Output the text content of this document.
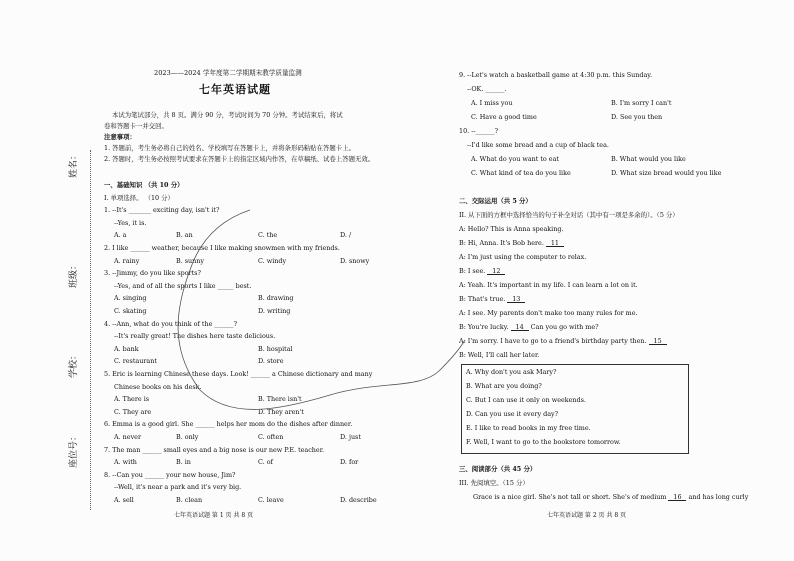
姓名：
班级：
学校：
座位号：
2023——2024 学年度第二学期期末教学质量监测
七年英语试题
本试为笔试部分，共 8 页。满分 90 分，考试时间为 70 分钟。考试结束后，将试
卷和答题卡一并交回。
注意事项：
1. 答题前，考生务必将自己的姓名、学校填写在答题卡上，并将条形码粘贴在答题卡上。
2. 答题时，考生务必按照考试要求在答题卡上的指定区域内作答，在草稿纸、试卷上答题无效。
一、基础知识 （共 10 分）
I. 单项选择。 （10 分）
1. --It's _______ exciting day, isn't it?
--Yes, it is.
A. a	B. an	C. the	D. /
2. I like ______ weather, because I like making snowmen with my friends.
A. rainy	B. sunny	C. windy	D. snowy
3. --Jimmy, do you like sports?
--Yes, and of all the sports I like _____ best.
A. singing	B. drawing
C. skating	D. writing
4. --Ann, what do you think of the ______?
--It's really great! The dishes here taste delicious.
A. bank	B. hospital
C. restaurant	D. store
5. Eric is learning Chinese these days. Look! ______ a Chinese dictionary and many
Chinese books on his desk.
A. There is	B. There isn't
C. They are	D. They aren't
6. Emma is a good girl. She ______ helps her mom do the dishes after dinner.
A. never	B. only	C. often	D. just
7. The man ______ small eyes and a big nose is our new P.E. teacher.
A. with	B. in	C. of	D. for
8. --Can you ______ your new house, Jim?
--Well, it's near a park and it's very big.
A. sell	B. clean	C. leave	D. describe
七年英语试题 第 1 页 共 8 页
9. --Let's watch a basketball game at 4:30 p.m. this Sunday.
--OK. ______.
A. I miss you	B. I'm sorry I can't
C. Have a good time	D. See you then
10. --______?
--I'd like some bread and a cup of black tea.
A. What do you want to eat	B. What would you like
C. What kind of tea do you like	D. What size bread would you like
二、交际运用（共 5 分）
II. 从下面的方框中选择恰当的句子补全对话（其中有一项是多余的）。（5 分）
A: Hello? This is Anna speaking.
B: Hi, Anna. It's Bob here. 11
A: I'm just using the computer to relax.
B: I see. 12
A: Yeah. It's important in my life. I can learn a lot on it.
B: That's true. 13
A: I see. My parents don't make too many rules for me.
B: You're lucky. 14 Can you go with me?
A: I'm sorry. I have to go to a friend's birthday party then. 15
B: Well, I'll call her later.
A. Why don't you ask Mary?
B. What are you doing?
C. But I can use it only on weekends.
D. Can you use it every day?
E. I like to read books in my free time.
F. Well, I want to go to the bookstore tomorrow.
三、阅读部分（共 45 分）
III. 先阅填空。（15 分）
Grace is a nice girl. She's not tall or short. She's of medium 16 and has long curly
七年英语试题 第 2 页 共 8 页
